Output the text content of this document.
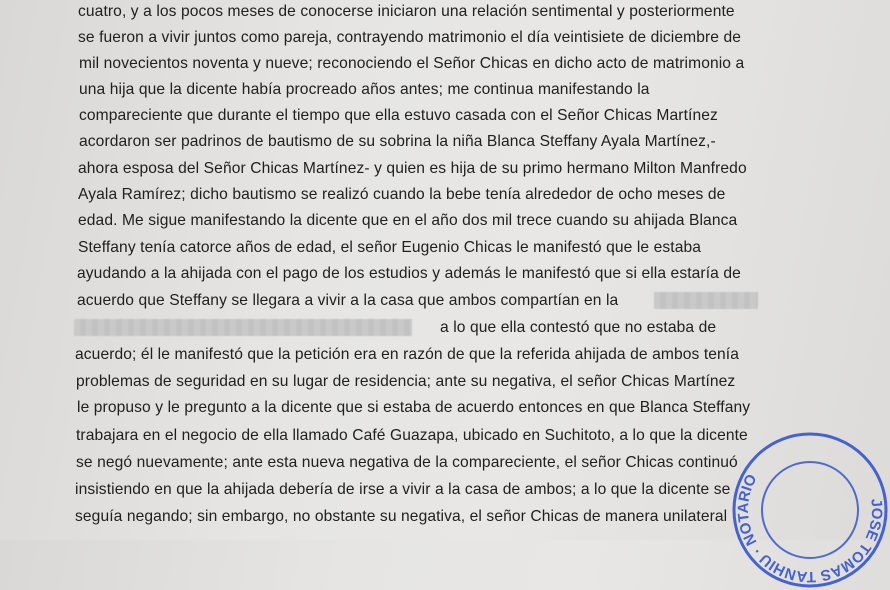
cuatro, y a los pocos meses de conocerse iniciaron una relación sentimental y posteriormente
se fueron a vivir juntos como pareja, contrayendo matrimonio el día veintisiete de diciembre de
mil novecientos noventa y nueve; reconociendo el Señor Chicas en dicho acto de matrimonio a
una hija que la dicente había procreado años antes; me continua manifestando la
compareciente que durante el tiempo que ella estuvo casada con el Señor Chicas Martínez
acordaron ser padrinos de bautismo de su sobrina la niña Blanca Steffany Ayala Martínez,-
ahora esposa del Señor Chicas Martínez- y quien es hija de su primo hermano Milton Manfredo
Ayala Ramírez; dicho bautismo se realizó cuando la bebe tenía alrededor de ocho meses de
edad. Me sigue manifestando la dicente que en el año dos mil trece cuando su ahijada Blanca
Steffany tenía catorce años de edad, el señor Eugenio Chicas le manifestó que le estaba
ayudando a la ahijada con el pago de los estudios y además le manifestó que si ella estaría de
acuerdo que Steffany se llegara a vivir a la casa que ambos compartían en la
a lo que ella contestó que no estaba de
acuerdo; él le manifestó que la petición era en razón de que la referida ahijada de ambos tenía
problemas de seguridad en su lugar de residencia; ante su negativa, el señor Chicas Martínez
le propuso y le pregunto a la dicente que si estaba de acuerdo entonces en que Blanca Steffany
trabajara en el negocio de ella llamado Café Guazapa, ubicado en Suchitoto, a lo que la dicente
se negó nuevamente; ante esta nueva negativa de la compareciente, el señor Chicas continuó
insistiendo en que la ahijada debería de irse a vivir a la casa de ambos; a lo que la dicente se
seguía negando; sin embargo, no obstante su negativa, el señor Chicas de manera unilateral
JOSE TOMAS TANHIU · NOTARIO
